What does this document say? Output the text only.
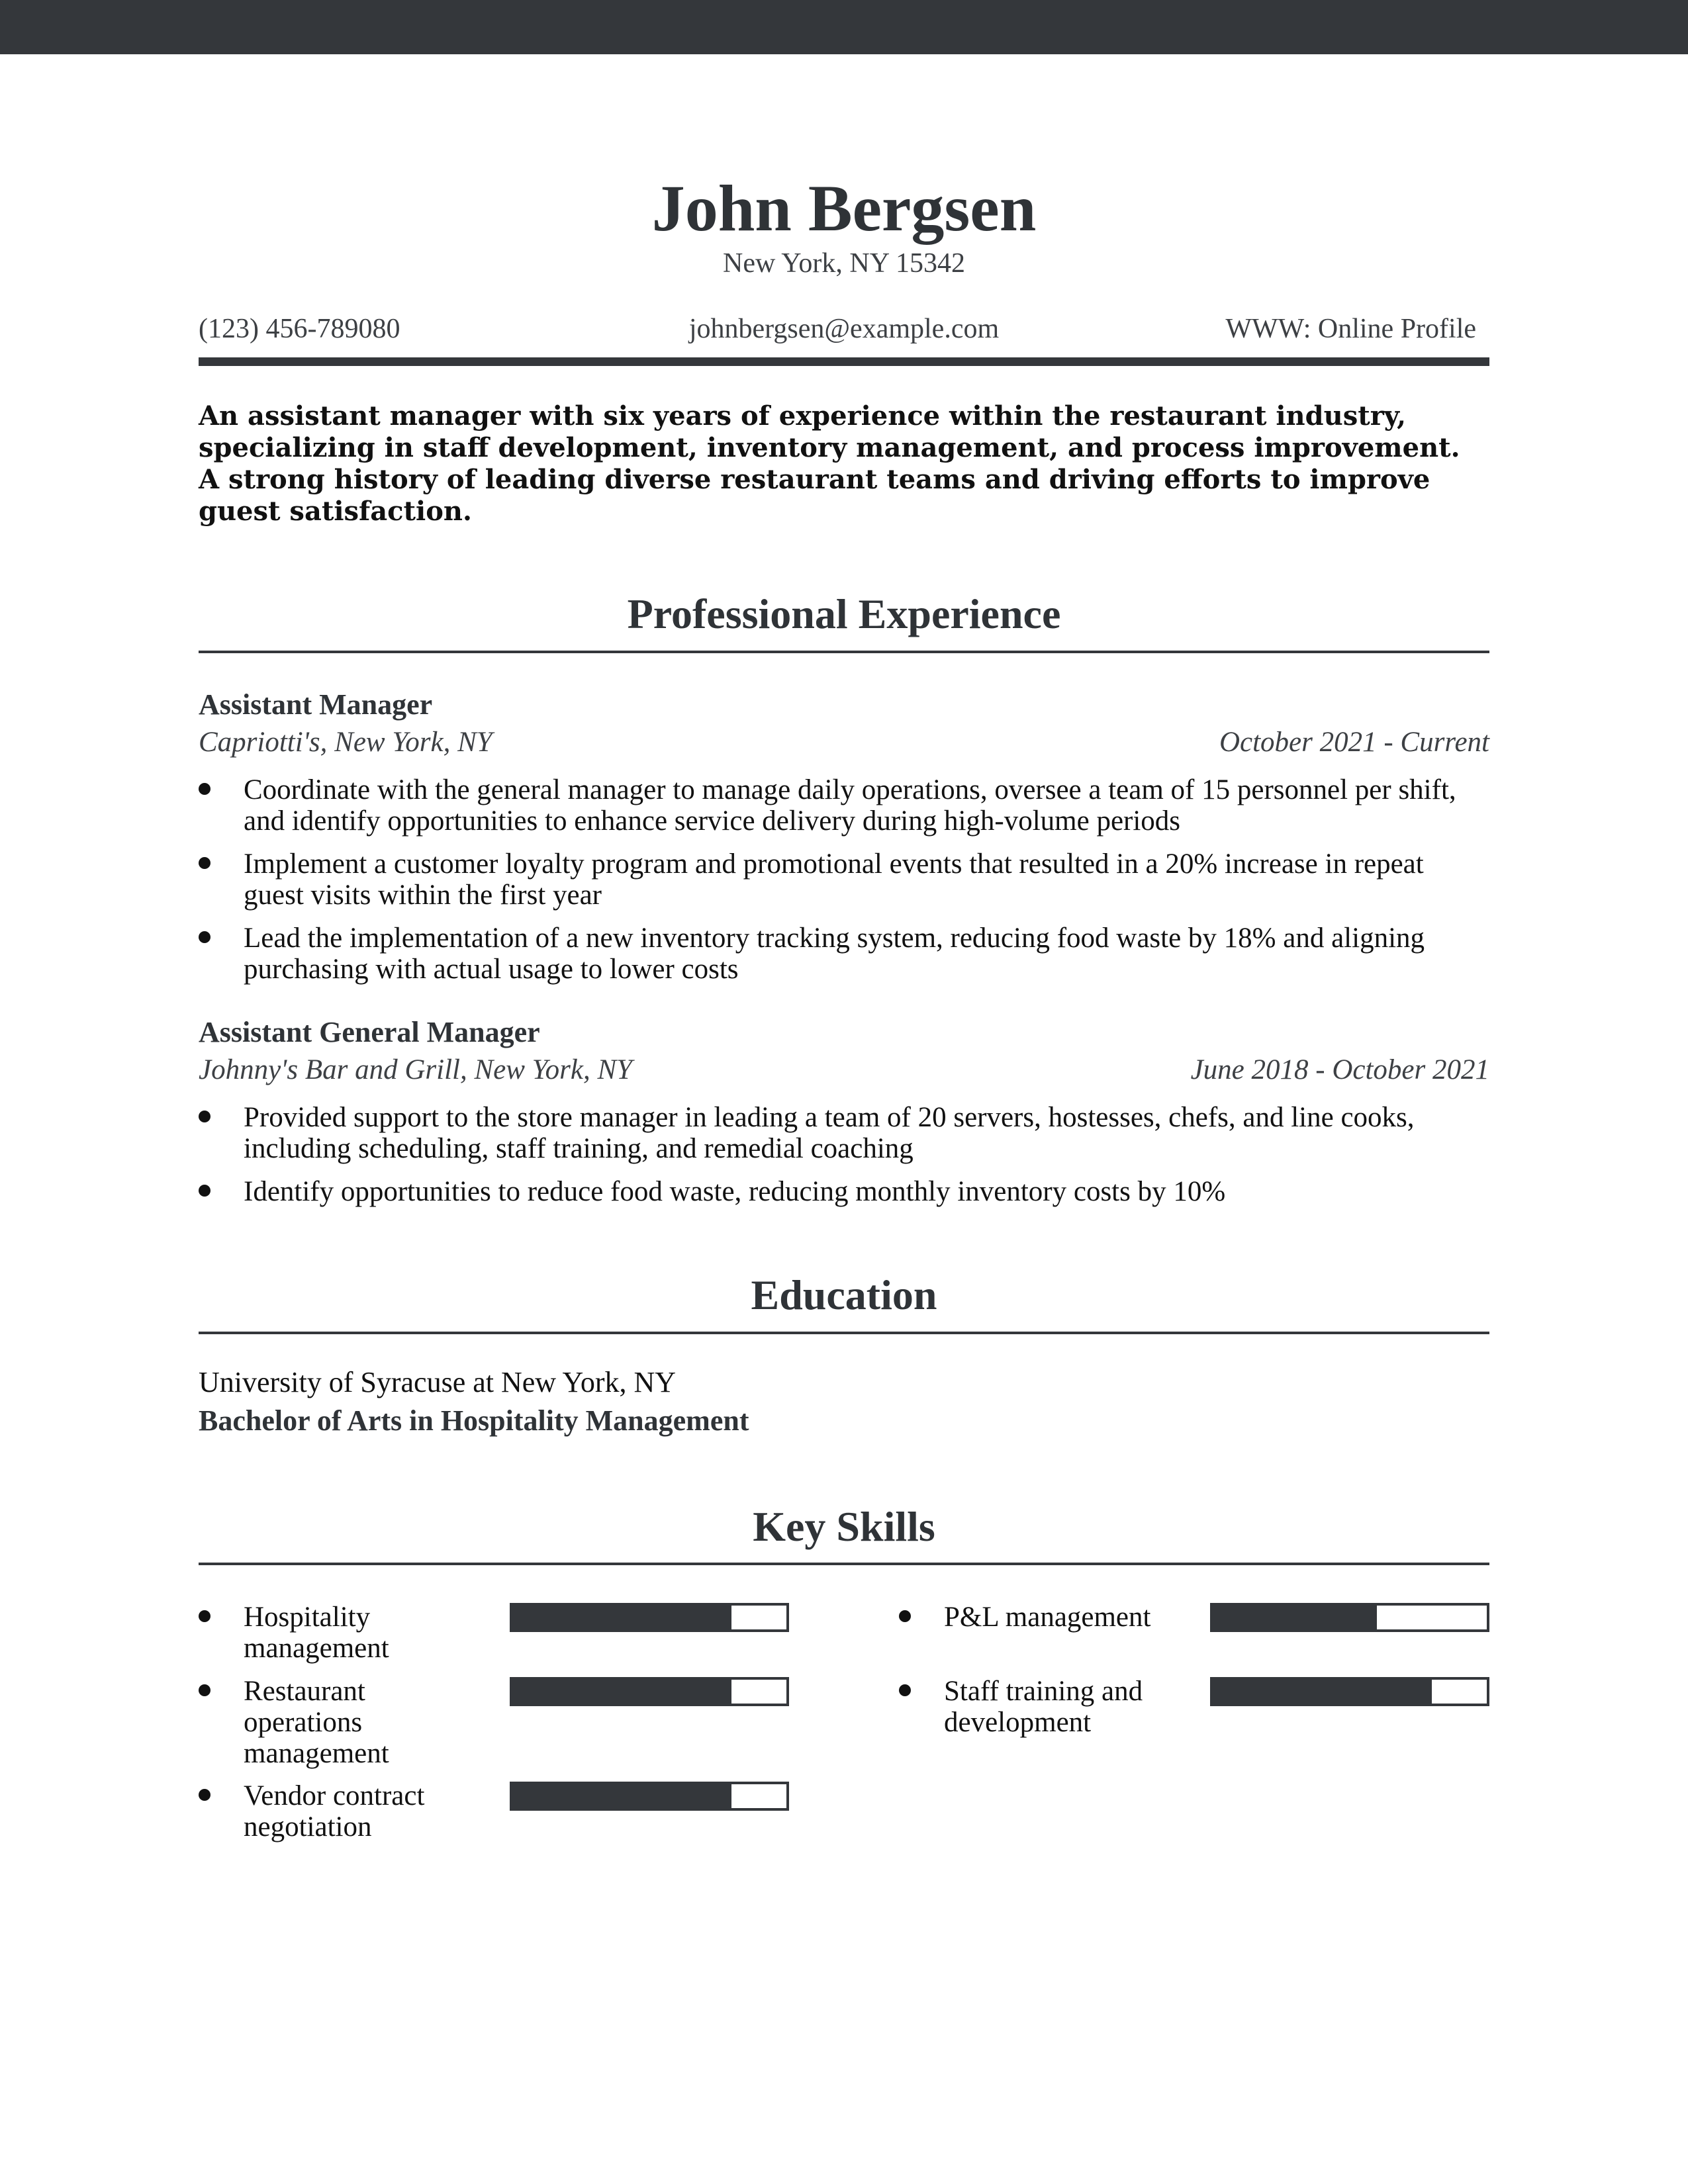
John Bergsen
New York, NY 15342
(123) 456-789080	johnbergsen@example.com	WWW: Online Profile
An assistant manager with six years of experience within the restaurant industry, specializing in staff development, inventory management, and process improvement. A strong history of leading diverse restaurant teams and driving efforts to improve guest satisfaction.
Professional Experience
Assistant Manager
Capriotti's, New York, NY	October 2021 - Current
Coordinate with the general manager to manage daily operations, oversee a team of 15 personnel per shift, and identify opportunities to enhance service delivery during high-volume periods
Implement a customer loyalty program and promotional events that resulted in a 20% increase in repeat guest visits within the first year
Lead the implementation of a new inventory tracking system, reducing food waste by 18% and aligning purchasing with actual usage to lower costs
Assistant General Manager
Johnny's Bar and Grill, New York, NY	June 2018 - October 2021
Provided support to the store manager in leading a team of 20 servers, hostesses, chefs, and line cooks, including scheduling, staff training, and remedial coaching
Identify opportunities to reduce food waste, reducing monthly inventory costs by 10%
Education
University of Syracuse at New York, NY
Bachelor of Arts in Hospitality Management
Key Skills
Hospitality management
Restaurant operations management
Vendor contract negotiation
P&L management
Staff training and development
